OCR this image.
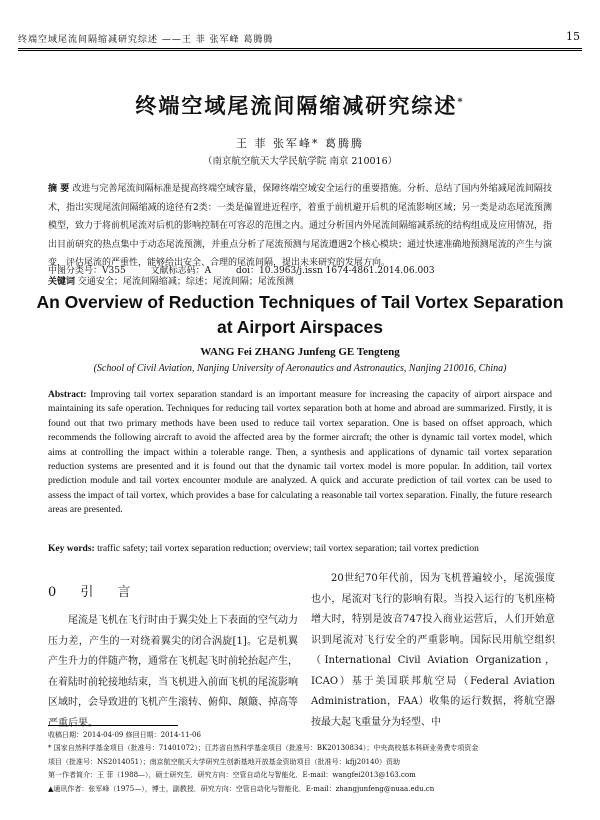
终端空域尾流间隔缩减研究综述 ——王 菲 张军峰 葛腾腾	15
终端空域尾流间隔缩减研究综述*
王 菲 张军峰* 葛腾腾
（南京航空航天大学民航学院 南京 210016）
摘 要 改进与完善尾流间隔标准是提高终端空域容量，保障终端空域安全运行的重要措施。分析、总结了国内外缩减尾流间隔技术，指出实现尾流间隔缩减的途径有2类：一类是偏置进近程序，着重于前机避开后机的尾流影响区域；另一类是动态尾流预测模型，致力于将前机尾流对后机的影响控制在可容忍的范围之内。通过分析国内外尾流间隔缩减系统的结构组成及应用情况，指出目前研究的热点集中于动态尾流预测，并重点分析了尾流预测与尾流遭遇2个核心模块；通过快速准确地预测尾流的产生与演变，评估尾流的严重性，能够给出安全、合理的尾流间隔，提出未来研究的发展方向。
关键词 交通安全；尾流间隔缩减；综述；尾流间隔；尾流预测
中图分类号：V355	文献标志码：A	doi：10.3963/j.issn 1674-4861.2014.06.003
An Overview of Reduction Techniques of Tail Vortex Separation
at Airport Airspaces
WANG Fei ZHANG Junfeng GE Tengteng
(School of Civil Aviation, Nanjing University of Aeronautics and Astronautics, Nanjing 210016, China)
Abstract: Improving tail vortex separation standard is an important measure for increasing the capacity of airport airspace and maintaining its safe operation. Techniques for reducing tail vortex separation both at home and abroad are summarized. Firstly, it is found out that two primary methods have been used to reduce tail vortex separation. One is based on offset approach, which recommends the following aircraft to avoid the affected area by the former aircraft; the other is dynamic tail vortex model, which aims at controlling the impact within a tolerable range. Then, a synthesis and applications of dynamic tail vortex separation reduction systems are presented and it is found out that the dynamic tail vortex model is more popular. In addition, tail vortex prediction module and tail vortex encounter module are analyzed. A quick and accurate prediction of tail vortex can be used to assess the impact of tail vortex, which provides a base for calculating a reasonable tail vortex separation. Finally, the future research areas are presented.
Key words: traffic safety; tail vortex separation reduction; overview; tail vortex separation; tail vortex prediction
0 引 言
尾流是飞机在飞行时由于翼尖处上下表面的空气动力压力差，产生的一对绕着翼尖的闭合涡旋[1]。它是机翼产生升力的伴随产物，通常在飞机起飞时前轮抬起产生，在着陆时前轮接地结束，当飞机进入前面飞机的尾流影响区域时，会导致进的飞机产生滚转、俯仰、颠簸、掉高等严重后果。
20世纪70年代前，因为飞机普遍较小，尾流强度也小，尾流对飞行的影响有限。当投入运行的飞机座椅增大时，特别是波音747投入商业运营后，人们开始意识到尾流对飞行安全的严重影响。国际民用航空组织（International Civil Aviation Organization，ICAO）基于美国联邦航空局（Federal Aviation Administration，FAA）收集的运行数据，将航空器按最大起飞重量分为轻型、中
收稿日期：2014-04-09 修回日期：2014-11-06
* 国家自然科学基金项目（批准号：71401072）；江苏省自然科学基金项目（批准号：BK20130834）；中央高校基本科研业务费专项资金
项目（批准号：NS2014051）；南京航空航天大学研究生创新基地开放基金资助项目（批准号：kfjj20140）资助
第一作者简介：王 菲（1988—），硕士研究生．研究方向：空管自动化与智能化．E-mail：wangfei2013@163.com
▲通讯作者：张军峰（1975—），博士，副教授．研究方向：空管自动化与智能化．E-mail：zhangjunfeng@nuaa.edu.cn
